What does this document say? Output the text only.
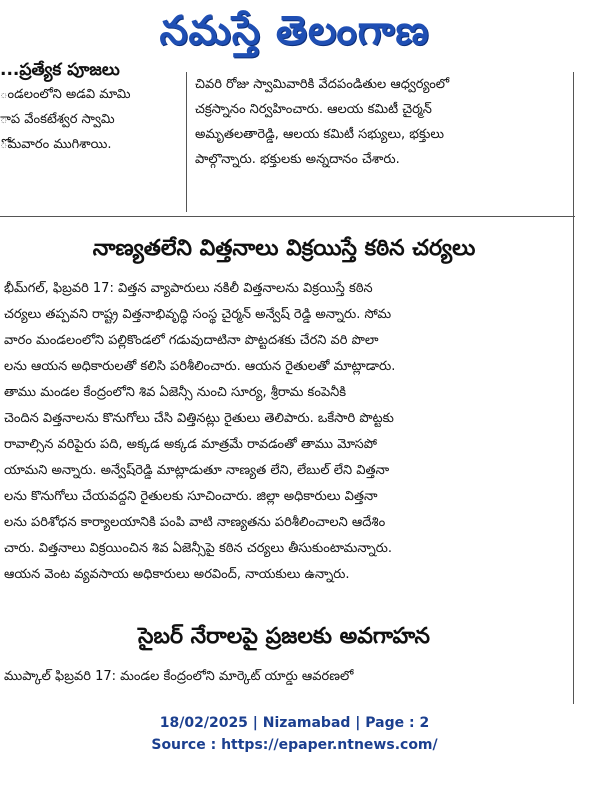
నమస్తే తెలంగాణ
...ప్రత్యేక పూజలు
ండలంలోని అడవి మామి
ాప వేంకటేశ్వర స్వామి
ోమవారం ముగిశాయి.
చివరి రోజు స్వామివారికి వేదపండితుల ఆధ్వర్యంలో
చక్రస్నానం నిర్వహించారు. ఆలయ కమిటీ చైర్మన్
అమృతలతారెడ్డి, ఆలయ కమిటీ సభ్యులు, భక్తులు
పాల్గొన్నారు. భక్తులకు అన్నదానం చేశారు.
నాణ్యతలేని విత్తనాలు విక్రయిస్తే కఠిన చర్యలు
భీమ్‌గల్, ఫిబ్రవరి 17: విత్తన వ్యాపారులు నకిలీ విత్తనాలను విక్రయిస్తే కఠిన
చర్యలు తప్పవని రాష్ట్ర విత్తనాభివృద్ధి సంస్థ చైర్మన్ అన్వేష్ రెడ్డి అన్నారు. సోమ
వారం మండలంలోని పల్లికొండలో గడువుదాటినా పొట్టదశకు చేరని వరి పొలా
లను ఆయన అధికారులతో కలిసి పరిశీలించారు. ఆయన రైతులతో మాట్లాడారు.
తాము మండల కేంద్రంలోని శివ ఏజెన్సీ నుంచి సూర్య, శ్రీరామ కంపెనీకి
చెందిన విత్తనాలను కొనుగోలు చేసి విత్తినట్లు రైతులు తెలిపారు. ఒకేసారి పొట్టకు
రావాల్సిన వరిపైరు పది, అక్కడ అక్కడ మాత్రమే రావడంతో తాము మోసపో
యామని అన్నారు. అన్వేష్‌రెడ్డి మాట్లాడుతూ నాణ్యత లేని, లేబుల్ లేని విత్తనా
లను కొనుగోలు చేయవద్దని రైతులకు సూచించారు. జిల్లా అధికారులు విత్తనా
లను పరిశోధన కార్యాలయానికి పంపి వాటి నాణ్యతను పరిశీలించాలని ఆదేశిం
చారు. విత్తనాలు విక్రయించిన శివ ఏజెన్సీపై కఠిన చర్యలు తీసుకుంటామన్నారు.
ఆయన వెంట వ్యవసాయ అధికారులు అరవింద్, నాయకులు ఉన్నారు.
సైబర్ నేరాలపై ప్రజలకు అవగాహన
ముప్కాల్ ఫిబ్రవరి 17: మండల కేంద్రంలోని మార్కెట్ యార్డు ఆవరణలో
18/02/2025 | Nizamabad | Page : 2
Source : https://epaper.ntnews.com/
